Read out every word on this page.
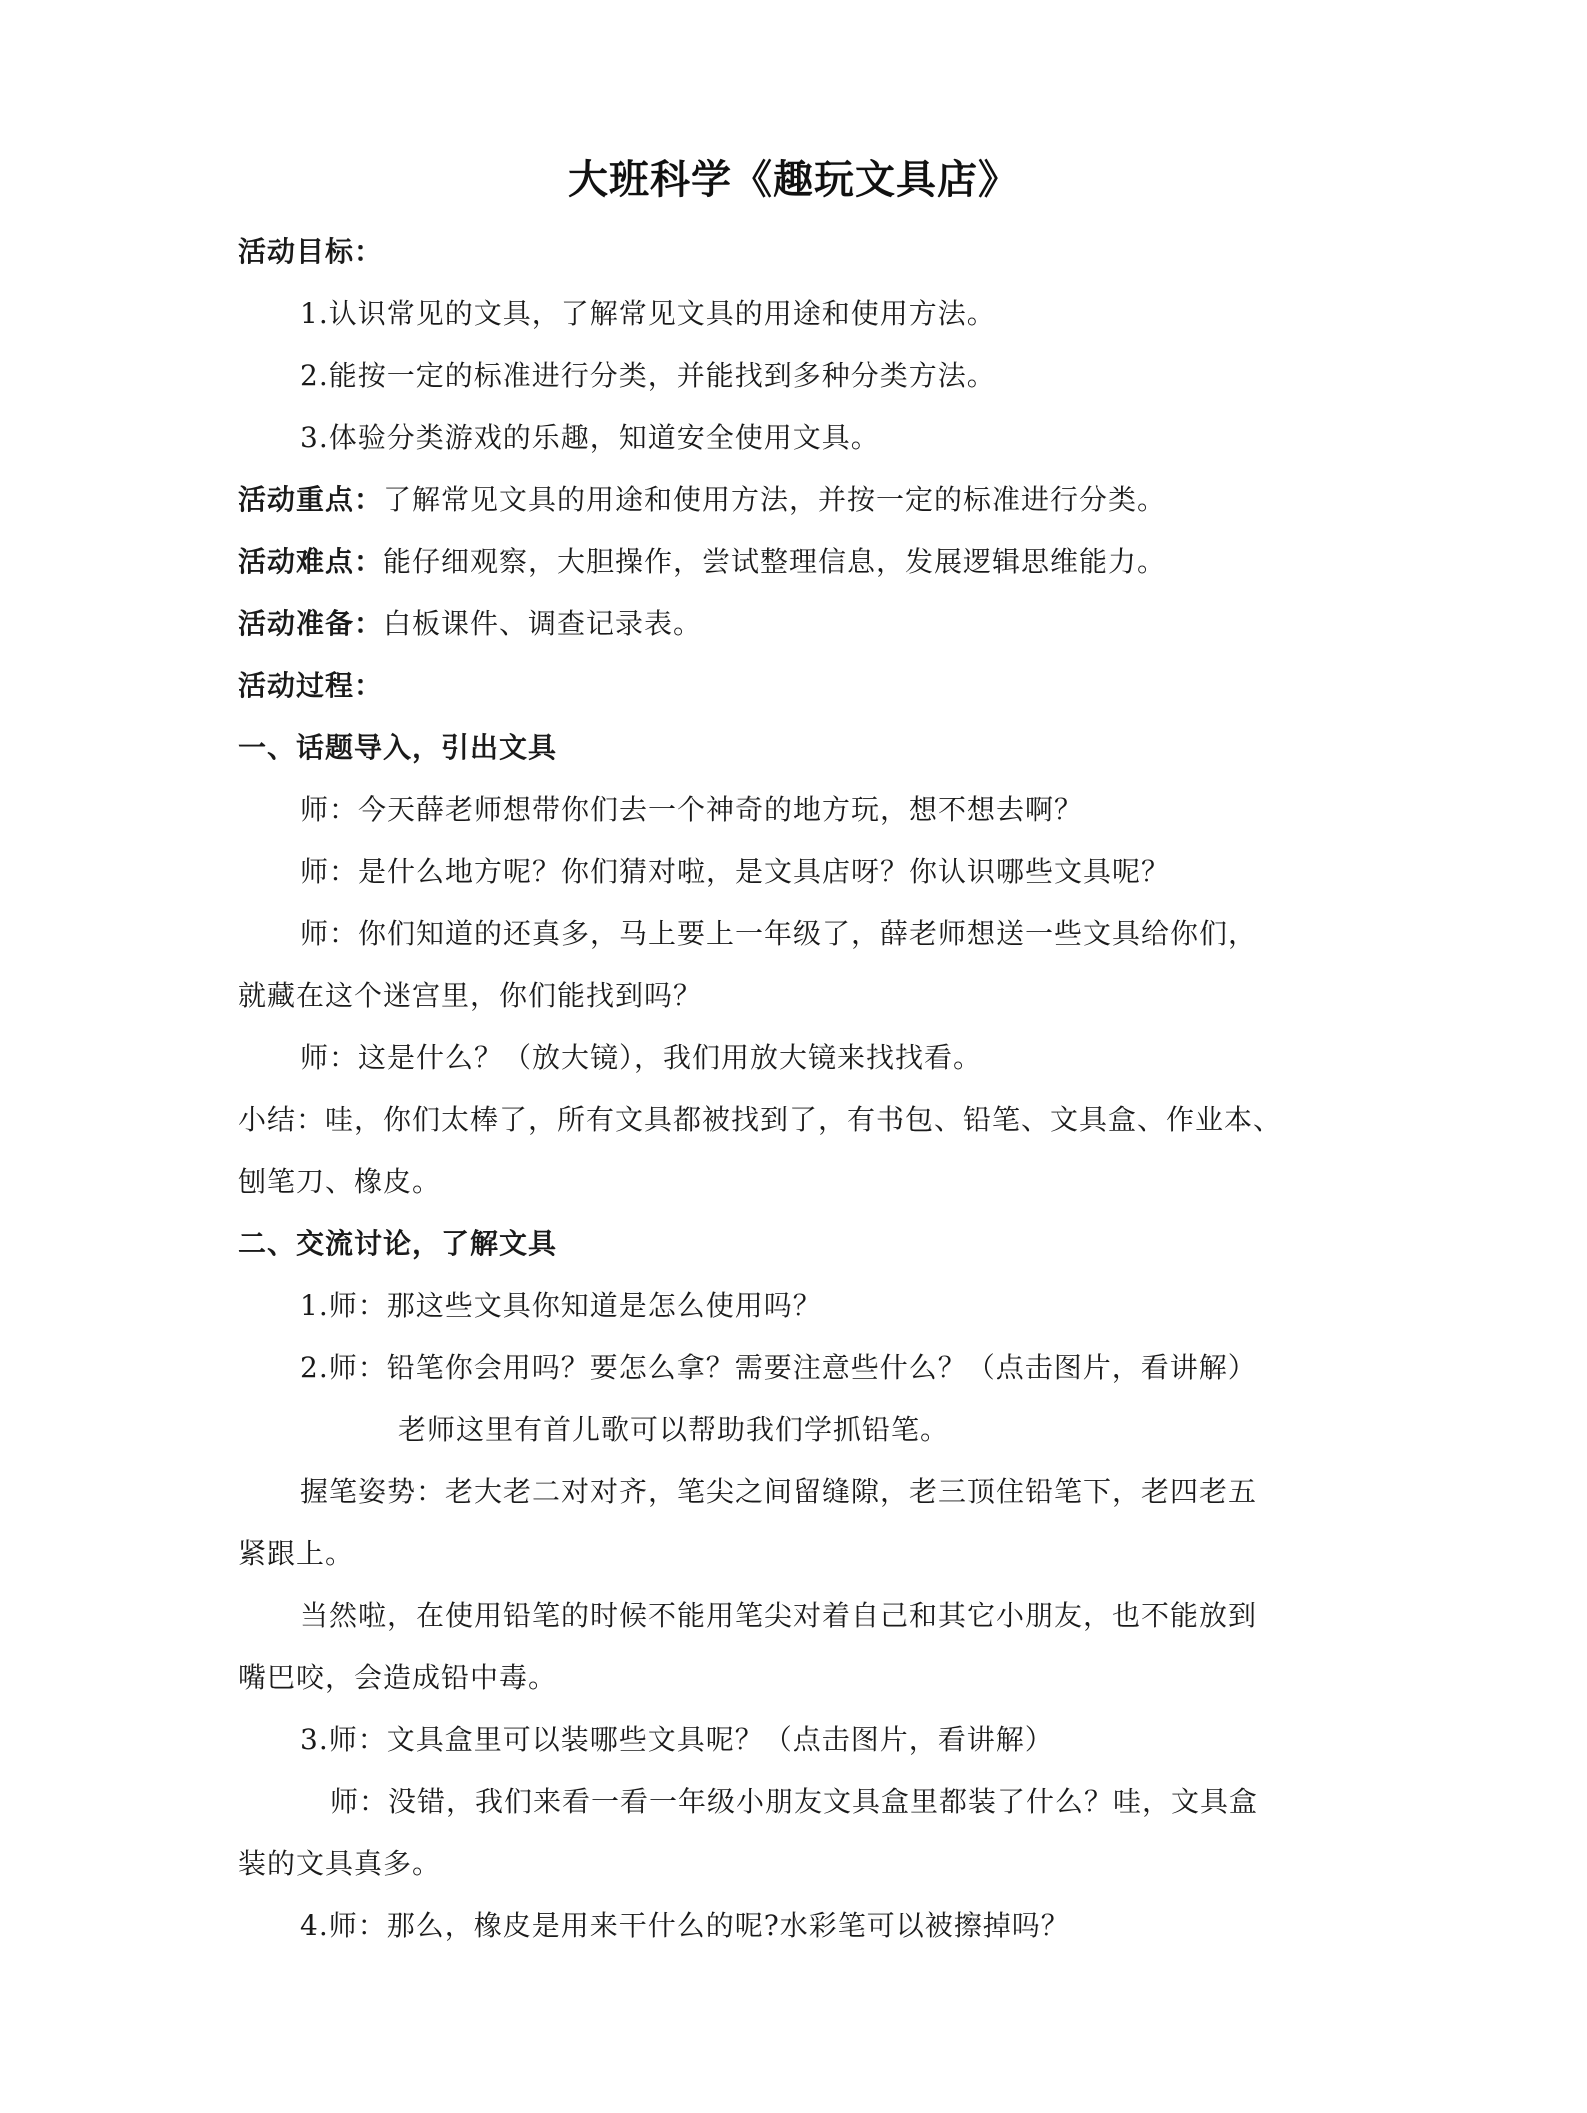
大班科学《趣玩文具店》
活动目标：
1.认识常见的文具，了解常见文具的用途和使用方法。
2.能按一定的标准进行分类，并能找到多种分类方法。
3.体验分类游戏的乐趣，知道安全使用文具。
活动重点：了解常见文具的用途和使用方法，并按一定的标准进行分类。
活动难点：能仔细观察，大胆操作，尝试整理信息，发展逻辑思维能力。
活动准备：白板课件、调查记录表。
活动过程：
一、话题导入，引出文具
师：今天薛老师想带你们去一个神奇的地方玩，想不想去啊？
师：是什么地方呢？你们猜对啦，是文具店呀？你认识哪些文具呢？
师：你们知道的还真多，马上要上一年级了，薛老师想送一些文具给你们，
就藏在这个迷宫里，你们能找到吗？
师：这是什么？（放大镜），我们用放大镜来找找看。
小结：哇，你们太棒了，所有文具都被找到了，有书包、铅笔、文具盒、作业本、
刨笔刀、橡皮。
二、交流讨论，了解文具
1.师：那这些文具你知道是怎么使用吗？
2.师：铅笔你会用吗？要怎么拿？需要注意些什么？（点击图片，看讲解）
老师这里有首儿歌可以帮助我们学抓铅笔。
握笔姿势：老大老二对对齐，笔尖之间留缝隙，老三顶住铅笔下，老四老五
紧跟上。
当然啦，在使用铅笔的时候不能用笔尖对着自己和其它小朋友，也不能放到
嘴巴咬，会造成铅中毒。
3.师：文具盒里可以装哪些文具呢？（点击图片，看讲解）
师：没错，我们来看一看一年级小朋友文具盒里都装了什么？哇，文具盒
装的文具真多。
4.师：那么，橡皮是用来干什么的呢?水彩笔可以被擦掉吗？
